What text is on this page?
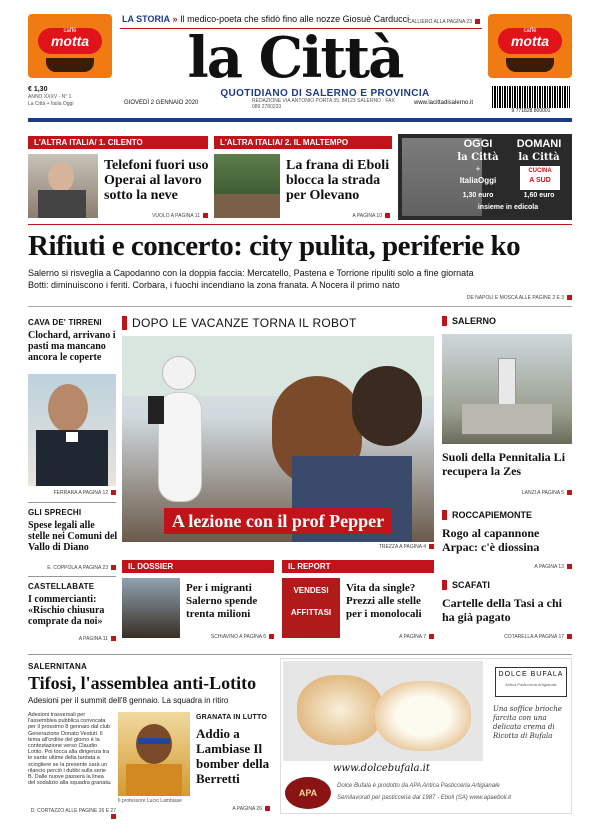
caffè
motta
caffè
motta
LA STORIA » Il medico-poeta che sfidò fino alle nozze Giosuè Carducci
CALLIERO ALLA PAGINA 23
la Città
QUOTIDIANO DI SALERNO E PROVINCIA
€ 1,30
ANNO XXXV - N° 1
La Città + Italia Oggi	GIOVEDÌ 2 GENNAIO 2020	REDAZIONE VIA ANTONIO PORTA 35, 84123 SALERNO · FAX 089 2780233
www.lacittadisalerno.it
9 771828 800001
L'ALTRA ITALIA/ 1. CILENTO
Telefoni fuori uso Operai al lavoro sotto la neve
VUOLO A PAGINA 11
L'ALTRA ITALIA/ 2. IL MALTEMPO
La frana di Eboli blocca la strada per Olevano
A PAGINA 10
OGGI	DOMANI
la Città	la Città
+
ItaliaOggi
CUCINA
A SUD
1,30 euro	1,60 euro
insieme in edicola
Rifiuti e concerto: city pulita, periferie ko
Salerno si risveglia a Capodanno con la doppia faccia: Mercatello, Pastena e Torrione ripuliti solo a fine giornata
Botti: diminuiscono i feriti. Corbara, i fuochi incendiano la zona franata. A Nocera il primo nato
DE NAPOLI E MOSCA ALLE PAGINE 2 E 3
CAVA DE' TIRRENI
Clochard, arrivano i pasti ma mancano ancora le coperte
FERRARA A PAGINA 12
GLI SPRECHI
Spese legali alle stelle nei Comuni del Vallo di Diano
E. COPPOLA A PAGINA 23
CASTELLABATE
I commercianti: «Rischio chiusura comprate da noi»
A PAGINA 11
DOPO LE VACANZE TORNA IL ROBOT
A lezione con il prof Pepper
TREZZA A PAGINA 4
IL DOSSIER
Per i migranti Salerno spende trenta milioni
SCHIAVINO A PAGINA 6
IL REPORT
VENDESI
AFFITTASI
Vita da single? Prezzi alle stelle per i monolocali
A PAGINA 7
SALERNO
Suoli della Pennitalia Li recupera la Zes
LANZI A PAGINA 5
ROCCAPIEMONTE
Rogo al capannone Arpac: c'è diossina
A PAGINA 13
SCAFATI
Cartelle della Tasi a chi ha già pagato
COTARELLA A PAGINA 17
SALERNITANA
Tifosi, l'assemblea anti-Lotito
Adesioni per il summit dell'8 gennaio. La squadra in ritiro
Adesioni trasversali per l'assemblea pubblica convocata per il prossimo 8 gennaio dal club Generazione Donato Vestuti. Il tema all'ordine del giorno è la contestazione verso Claudio Lotito. Poi tocca alla dirigenza tra le sante ultime della tardata a sciogliere se la presente sarà un rilancio perciò i dubbi sulla serie B. Dalle nuove passerà la linea del sodalizio alla squadra granata.
Il professore Lucio Lambiase
D. CORTAZZO ALLE PAGINE 26 E 27
GRANATA IN LUTTO
Addio a Lambiase Il bomber della Berretti
A PAGINA 26
DOLCE BUFALA
Antica Pasticceria Artigianale
Una soffice brioche farcita con una delicata crema di Ricotta di Bufala
www.dolcebufala.it
APA
Dolce Bufala è prodotto da APA Antica Pasticceria Artigianale
Semilavorati per pasticceria dal 1987 - Eboli (SA) www.apaeboli.it
